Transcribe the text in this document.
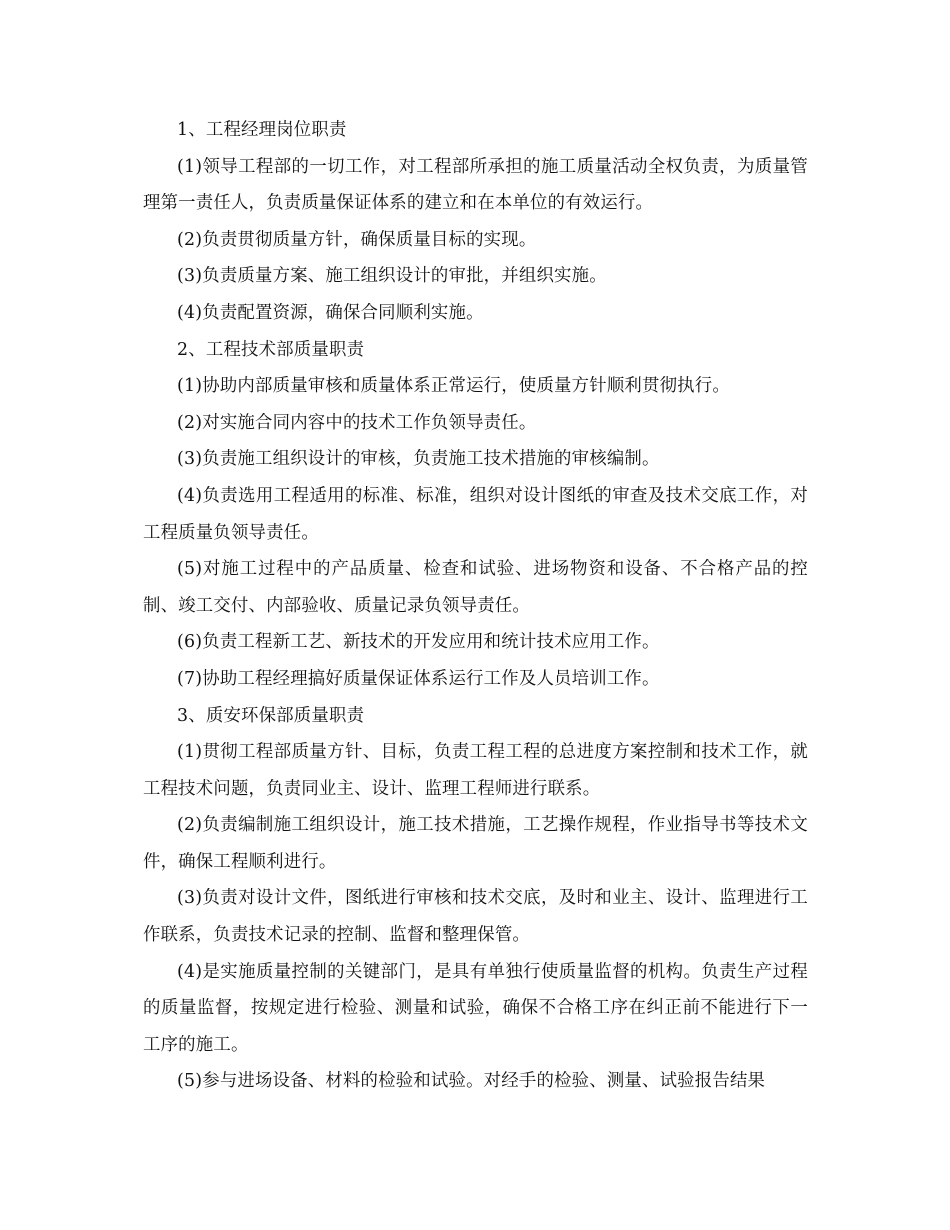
1、工程经理岗位职责

(1)领导工程部的一切工作，对工程部所承担的施工质量活动全权负责，为质量管理第一责任人，负责质量保证体系的建立和在本单位的有效运行。

(2)负责贯彻质量方针，确保质量目标的实现。

(3)负责质量方案、施工组织设计的审批，并组织实施。

(4)负责配置资源，确保合同顺利实施。

2、工程技术部质量职责

(1)协助内部质量审核和质量体系正常运行，使质量方针顺利贯彻执行。

(2)对实施合同内容中的技术工作负领导责任。

(3)负责施工组织设计的审核，负责施工技术措施的审核编制。

(4)负责选用工程适用的标准、标准，组织对设计图纸的审查及技术交底工作，对工程质量负领导责任。

(5)对施工过程中的产品质量、检查和试验、进场物资和设备、不合格产品的控制、竣工交付、内部验收、质量记录负领导责任。

(6)负责工程新工艺、新技术的开发应用和统计技术应用工作。

(7)协助工程经理搞好质量保证体系运行工作及人员培训工作。

3、质安环保部质量职责

(1)贯彻工程部质量方针、目标，负责工程工程的总进度方案控制和技术工作，就工程技术问题，负责同业主、设计、监理工程师进行联系。

(2)负责编制施工组织设计，施工技术措施，工艺操作规程，作业指导书等技术文件，确保工程顺利进行。

(3)负责对设计文件，图纸进行审核和技术交底，及时和业主、设计、监理进行工作联系，负责技术记录的控制、监督和整理保管。

(4)是实施质量控制的关键部门，是具有单独行使质量监督的机构。负责生产过程的质量监督，按规定进行检验、测量和试验，确保不合格工序在纠正前不能进行下一工序的施工。

(5)参与进场设备、材料的检验和试验。对经手的检验、测量、试验报告结果
